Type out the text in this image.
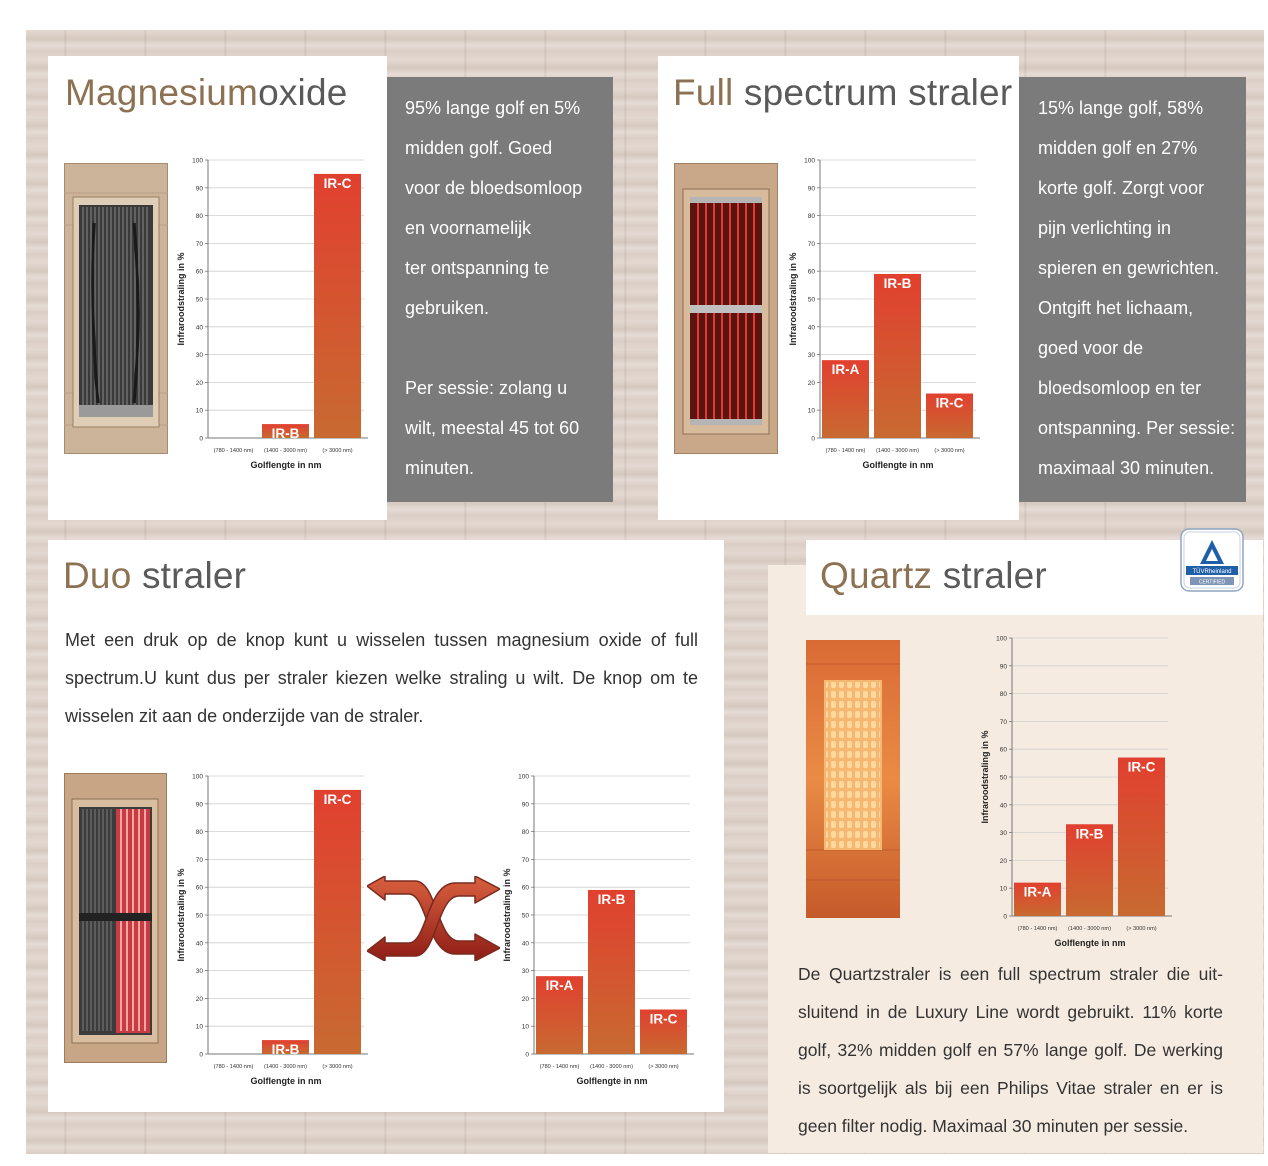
Magnesiumoxide
0
10
20
30
40
50
60
70
80
90
100
(780 - 1400 nm)
IR-B
(1400 - 3000 nm)
IR-C
(> 3000 nm)
Golflengte in nm
Infraroodstraling in %
95% lange golf en 5%
midden golf. Goed
voor de bloedsomloop
en voornamelijk
ter ontspanning te
gebruiken.
Per sessie: zolang u
wilt, meestal 45 tot 60
minuten.
Full spectrum straler
0
10
20
30
40
50
60
70
80
90
100
IR-A
(780 - 1400 nm)
IR-B
(1400 - 3000 nm)
IR-C
(> 3000 nm)
Golflengte in nm
Infraroodstraling in %
15% lange golf, 58%
midden golf en 27%
korte golf. Zorgt voor
pijn verlichting in
spieren en gewrichten.
Ontgift het lichaam,
goed voor de
bloedsomloop en ter
ontspanning. Per sessie:
maximaal 30 minuten.
Duo straler
Met een druk op de knop kunt u wisselen tussen magnesium oxide of full
spectrum.U kunt dus per straler kiezen welke straling u wilt. De knop om te
wisselen zit aan de onderzijde van de straler.
0
10
20
30
40
50
60
70
80
90
100
(780 - 1400 nm)
IR-B
(1400 - 3000 nm)
IR-C
(> 3000 nm)
Golflengte in nm
Infraroodstraling in %
0
10
20
30
40
50
60
70
80
90
100
IR-A
(780 - 1400 nm)
IR-B
(1400 - 3000 nm)
IR-C
(> 3000 nm)
Golflengte in nm
Infraroodstraling in %
Quartz straler	TÜVRheinland
CERTIFIED
0
10
20
30
40
50
60
70
80
90
100
IR-A
(780 - 1400 nm)
IR-B
(1400 - 3000 nm)
IR-C
(> 3000 nm)
Golflengte in nm
Infraroodstraling in %
De Quartzstraler is een full spectrum straler die uit-
sluitend in de Luxury Line wordt gebruikt. 11% korte
golf, 32% midden golf en 57% lange golf. De werking
is soortgelijk als bij een Philips Vitae straler en er is
geen filter nodig. Maximaal 30 minuten per sessie.
